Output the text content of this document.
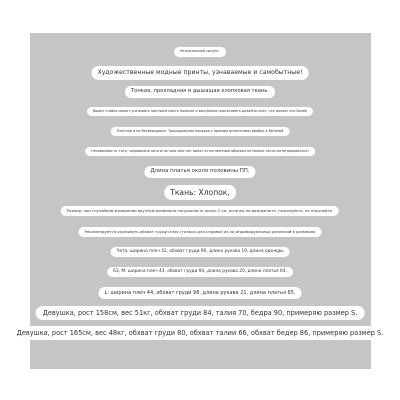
Итальянский силуэт.
Художественные модные принты, узнаваемые и самобытные!
Тонкая, прохладная и дышащая хлопковая ткань.
Вырез стойка может усиливать протяженность полосок и визуально протягивать дизайна плеч, что делает его более
Плотная и не ботвающаяся. Традиционная посадка с прямым испачением двойки к ботвной
Независимо от того, заправлена ли она за пояс или нет вилят естественным образом не можно легко интегрироваться!
Длина платья около половины ПП.
Ткань: Хлопок,
Размер: при случайном измерении вручную возможна погрешность около 2 см, если вы не возражаете, пожалуйста, не покупайте.
Рекомендуется указывать обхват груди и вес (только для справки из-за индивидуальных различий в размерах
Чета: ширина плеч 42, обхват груди 90, длина рукава 19, длина одежды
63, М: ширина плеч 43, обхват груди 94, длина рукава 20, длина платья 64,
L: ширина плеч 44, обхват груди 98, длина рукава 21, длина платья 65.
Девушка, рост 158см, вес 51кг, обхват груди 84, талия 70, бедра 90, примеряю размер S.
Девушка, рост 165см, вес 48кг, обхват груди 80, обхват талии 66, обхват бедер 86, примеряю размер S.
